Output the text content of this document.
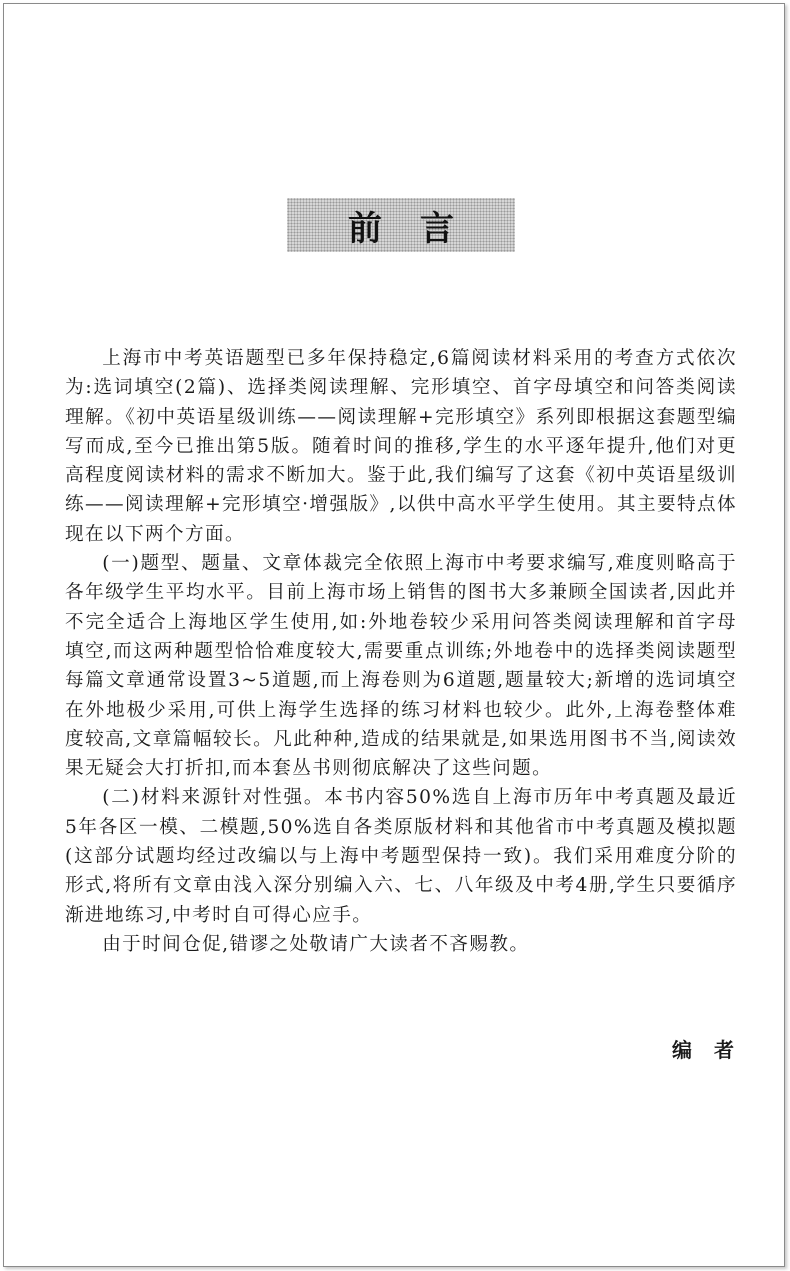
前言

上海市中考英语题型已多年保持稳定,6篇阅读材料采用的考查方式依次为:选词填空(2篇)、选择类阅读理解、完形填空、首字母填空和问答类阅读理解。《初中英语星级训练——阅读理解+完形填空》系列即根据这套题型编写而成,至今已推出第5版。随着时间的推移,学生的水平逐年提升,他们对更高程度阅读材料的需求不断加大。鉴于此,我们编写了这套《初中英语星级训练——阅读理解+完形填空·增强版》,以供中高水平学生使用。其主要特点体现在以下两个方面。

(一)题型、题量、文章体裁完全依照上海市中考要求编写,难度则略高于各年级学生平均水平。目前上海市场上销售的图书大多兼顾全国读者,因此并不完全适合上海地区学生使用,如:外地卷较少采用问答类阅读理解和首字母填空,而这两种题型恰恰难度较大,需要重点训练;外地卷中的选择类阅读题型每篇文章通常设置3~5道题,而上海卷则为6道题,题量较大;新增的选词填空在外地极少采用,可供上海学生选择的练习材料也较少。此外,上海卷整体难度较高,文章篇幅较长。凡此种种,造成的结果就是,如果选用图书不当,阅读效果无疑会大打折扣,而本套丛书则彻底解决了这些问题。

(二)材料来源针对性强。本书内容50%选自上海市历年中考真题及最近5年各区一模、二模题,50%选自各类原版材料和其他省市中考真题及模拟题(这部分试题均经过改编以与上海中考题型保持一致)。我们采用难度分阶的形式,将所有文章由浅入深分别编入六、七、八年级及中考4册,学生只要循序渐进地练习,中考时自可得心应手。

由于时间仓促,错谬之处敬请广大读者不吝赐教。

编者
